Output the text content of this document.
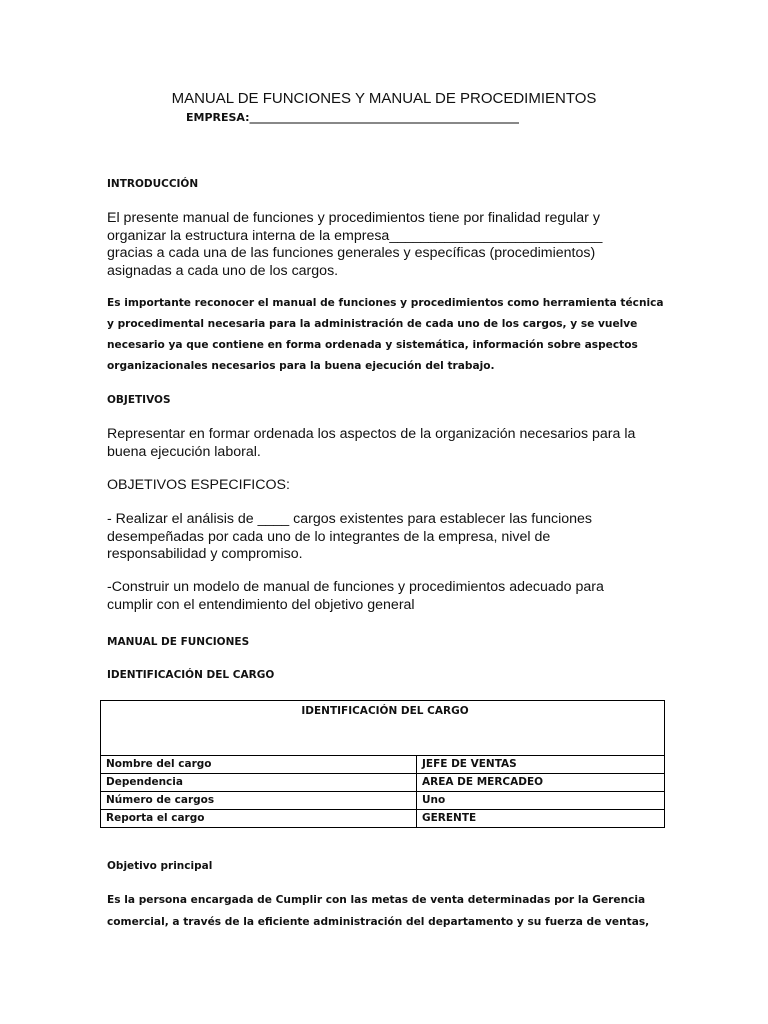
MANUAL DE FUNCIONES Y MANUAL DE PROCEDIMIENTOS
EMPRESA:_________________________________________________
INTRODUCCIÓN
El presente manual de funciones y procedimientos tiene por finalidad regular y
organizar la estructura interna de la empresa___________________________
gracias a cada una de las funciones generales y específicas (procedimientos)
asignadas a cada uno de los cargos.
Es importante reconocer el manual de funciones y procedimientos como herramienta técnica
y procedimental necesaria para la administración de cada uno de los cargos, y se vuelve
necesario ya que contiene en forma ordenada y sistemática, información sobre aspectos
organizacionales necesarios para la buena ejecución del trabajo.
OBJETIVOS
Representar en formar ordenada los aspectos de la organización necesarios para la
buena ejecución laboral.
OBJETIVOS ESPECIFICOS:
- Realizar el análisis de ____ cargos existentes para establecer las funciones
desempeñadas por cada uno de lo integrantes de la empresa, nivel de
responsabilidad y compromiso.
-Construir un modelo de manual de funciones y procedimientos adecuado para
cumplir con el entendimiento del objetivo general
MANUAL DE FUNCIONES
IDENTIFICACIÓN DEL CARGO
IDENTIFICACIÓN DEL CARGO	
Nombre del cargo	JEFE DE VENTAS
Dependencia	AREA DE MERCADEO
Número de cargos	Uno
Reporta el cargo	GERENTE
Objetivo principal
Es la persona encargada de Cumplir con las metas de venta determinadas por la Gerencia
comercial, a través de la eficiente administración del departamento y su fuerza de ventas,
